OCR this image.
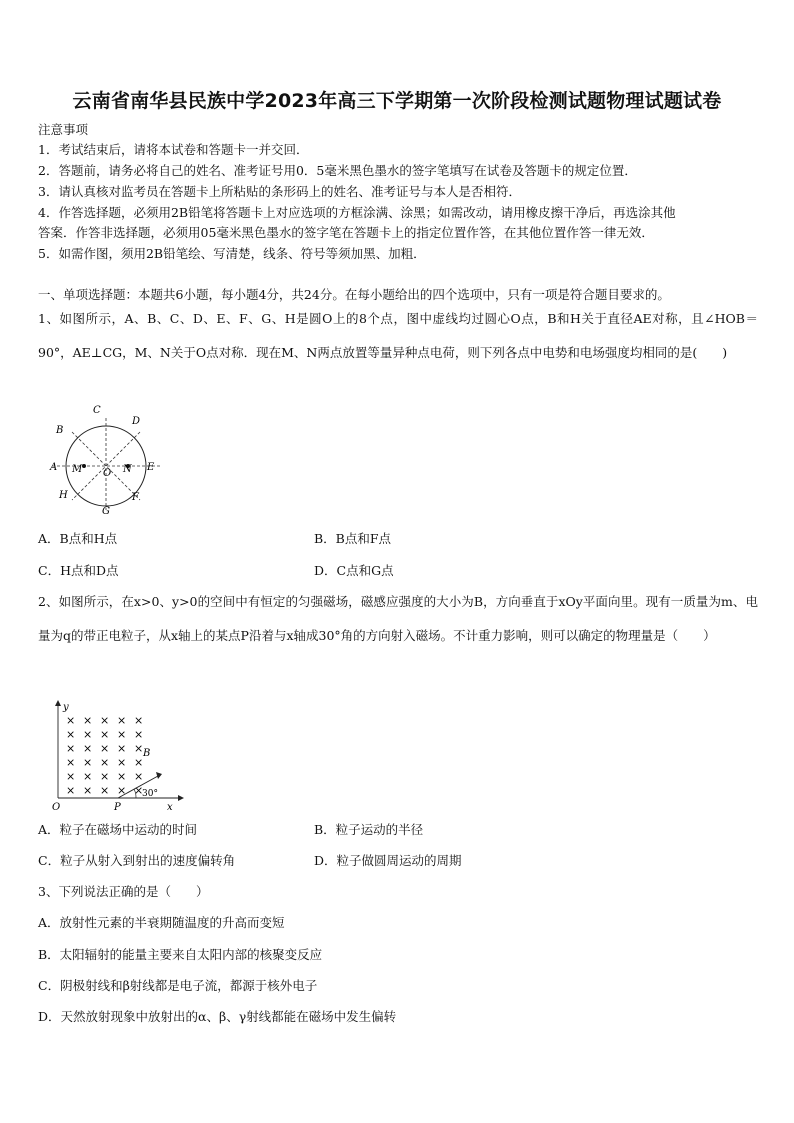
云南省南华县民族中学2023年高三下学期第一次阶段检测试题物理试题试卷
注意事项
1．考试结束后，请将本试卷和答题卡一并交回．
2．答题前，请务必将自己的姓名、准考证号用0．5毫米黑色墨水的签字笔填写在试卷及答题卡的规定位置．
3．请认真核对监考员在答题卡上所粘贴的条形码上的姓名、准考证号与本人是否相符．
4．作答选择题，必须用2B铅笔将答题卡上对应选项的方框涂满、涂黑；如需改动，请用橡皮擦干净后，再选涂其他
答案．作答非选择题，必须用05毫米黑色墨水的签字笔在答题卡上的指定位置作答，在其他位置作答一律无效．
5．如需作图，须用2B铅笔绘、写清楚，线条、符号等须加黑、加粗．
一、单项选择题：本题共6小题，每小题4分，共24分。在每小题给出的四个选项中，只有一项是符合题目要求的。
1、如图所示，A、B、C、D、E、F、G、H是圆O上的8个点，图中虚线均过圆心O点，B和H关于直径AE对称，且∠HOB＝90°，AE⊥CG，M、N关于O点对称．现在M、N两点放置等量异种点电荷，则下列各点中电势和电场强度均相同的是(　　)
C
D
B
A M O N E
H	F
G
A．B点和H点	B．B点和F点
C．H点和D点	D．C点和G点
2、如图所示，在x>0、y>0的空间中有恒定的匀强磁场，磁感应强度的大小为B，方向垂直于xOy平面向里。现有一质量为m、电量为q的带正电粒子，从x轴上的某点P沿着与x轴成30°角的方向射入磁场。不计重力影响，则可以确定的物理量是（　　）
× × × × ×
× × × × ×
× × × × ×
× × × × ×
× × × × ×
× × × × ×
y
B
30°
O	P	x
A．粒子在磁场中运动的时间	B．粒子运动的半径
C．粒子从射入到射出的速度偏转角	D．粒子做圆周运动的周期
3、下列说法正确的是（　　）
A．放射性元素的半衰期随温度的升高而变短
B．太阳辐射的能量主要来自太阳内部的核聚变反应
C．阴极射线和β射线都是电子流，都源于核外电子
D．天然放射现象中放射出的α、β、γ射线都能在磁场中发生偏转
